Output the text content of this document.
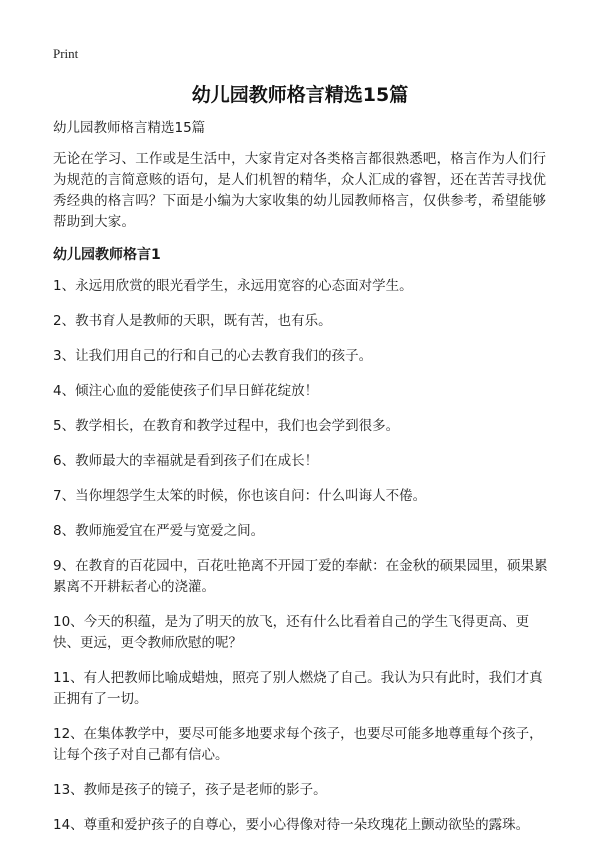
Print
幼儿园教师格言精选15篇

幼儿园教师格言精选15篇

无论在学习、工作或是生活中，大家肯定对各类格言都很熟悉吧，格言作为人们行为规范的言简意赅的语句，是人们机智的精华，众人汇成的睿智，还在苦苦寻找优秀经典的格言吗？下面是小编为大家收集的幼儿园教师格言，仅供参考，希望能够帮助到大家。

幼儿园教师格言1

1、永远用欣赏的眼光看学生，永远用宽容的心态面对学生。
2、教书育人是教师的天职，既有苦，也有乐。
3、让我们用自己的行和自己的心去教育我们的孩子。
4、倾注心血的爱能使孩子们早日鲜花绽放！
5、教学相长，在教育和教学过程中，我们也会学到很多。
6、教师最大的幸福就是看到孩子们在成长！
7、当你埋怨学生太笨的时候，你也该自问：什么叫诲人不倦。
8、教师施爱宜在严爱与宽爱之间。
9、在教育的百花园中，百花吐艳离不开园丁爱的奉献：在金秋的硕果园里，硕果累累离不开耕耘者心的浇灌。
10、今天的积蕴，是为了明天的放飞，还有什么比看着自己的学生飞得更高、更快、更远，更令教师欣慰的呢？
11、有人把教师比喻成蜡烛，照亮了别人燃烧了自己。我认为只有此时，我们才真正拥有了一切。
12、在集体教学中，要尽可能多地要求每个孩子，也要尽可能多地尊重每个孩子，让每个孩子对自己都有信心。
13、教师是孩子的镜子，孩子是老师的影子。
14、尊重和爱护孩子的自尊心，要小心得像对待一朵玫瑰花上颤动欲坠的露珠。
